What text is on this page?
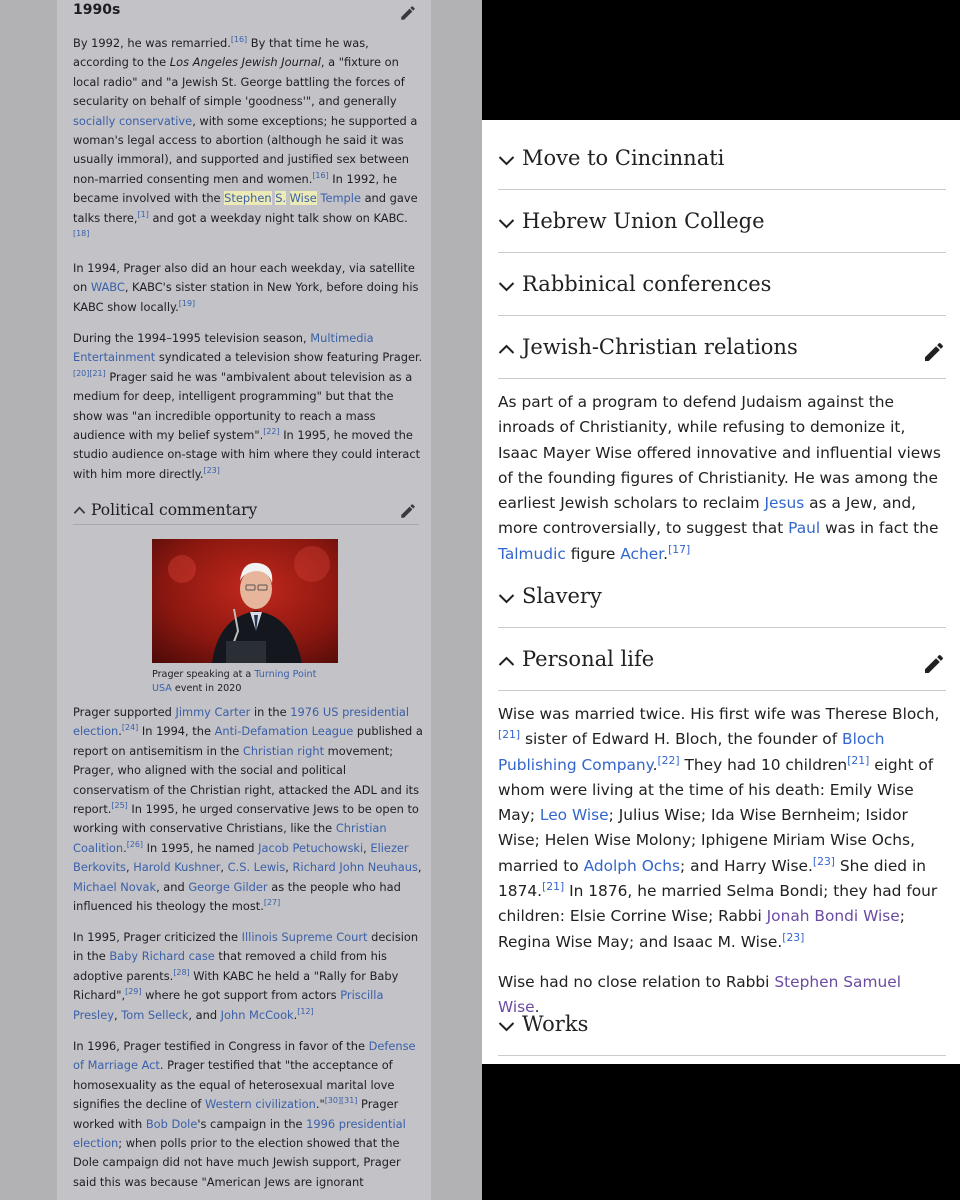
1990s
By 1992, he was remarried.[16] By that time he was, according to the Los Angeles Jewish Journal, a "fixture on local radio" and "a Jewish St. George battling the forces of secularity on behalf of simple 'goodness'", and generally socially conservative, with some exceptions; he supported a woman's legal access to abortion (although he said it was usually immoral), and supported and justified sex between non-married consenting men and women.[16] In 1992, he became involved with the Stephen S. Wise Temple and gave talks there,[1] and got a weekday night talk show on KABC.[18]
In 1994, Prager also did an hour each weekday, via satellite on WABC, KABC's sister station in New York, before doing his KABC show locally.[19]
During the 1994–1995 television season, Multimedia Entertainment syndicated a television show featuring Prager.[20][21] Prager said he was "ambivalent about television as a medium for deep, intelligent programming" but that the show was "an incredible opportunity to reach a mass audience with my belief system".[22] In 1995, he moved the studio audience on-stage with him where they could interact with him more directly.[23]
Political commentary
Prager speaking at a Turning Point USA event in 2020
Prager supported Jimmy Carter in the 1976 US presidential election.[24] In 1994, the Anti-Defamation League published a report on antisemitism in the Christian right movement; Prager, who aligned with the social and political conservatism of the Christian right, attacked the ADL and its report.[25] In 1995, he urged conservative Jews to be open to working with conservative Christians, like the Christian Coalition.[26] In 1995, he named Jacob Petuchowski, Eliezer Berkovits, Harold Kushner, C.S. Lewis, Richard John Neuhaus, Michael Novak, and George Gilder as the people who had influenced his theology the most.[27]
In 1995, Prager criticized the Illinois Supreme Court decision in the Baby Richard case that removed a child from his adoptive parents.[28] With KABC he held a "Rally for Baby Richard",[29] where he got support from actors Priscilla Presley, Tom Selleck, and John McCook.[12]
In 1996, Prager testified in Congress in favor of the Defense of Marriage Act. Prager testified that "the acceptance of homosexuality as the equal of heterosexual marital love signifies the decline of Western civilization."[30][31] Prager worked with Bob Dole's campaign in the 1996 presidential election; when polls prior to the election showed that the Dole campaign did not have much Jewish support, Prager said this was because "American Jews are ignorant
Move to Cincinnati
Hebrew Union College
Rabbinical conferences
Jewish-Christian relations
As part of a program to defend Judaism against the inroads of Christianity, while refusing to demonize it, Isaac Mayer Wise offered innovative and influential views of the founding figures of Christianity. He was among the earliest Jewish scholars to reclaim Jesus as a Jew, and, more controversially, to suggest that Paul was in fact the Talmudic figure Acher.[17]
Slavery
Personal life
Wise was married twice. His first wife was Therese Bloch,[21] sister of Edward H. Bloch, the founder of Bloch Publishing Company.[22] They had 10 children[21] eight of whom were living at the time of his death: Emily Wise May; Leo Wise; Julius Wise; Ida Wise Bernheim; Isidor Wise; Helen Wise Molony; Iphigene Miriam Wise Ochs, married to Adolph Ochs; and Harry Wise.[23] She died in 1874.[21] In 1876, he married Selma Bondi; they had four children: Elsie Corrine Wise; Rabbi Jonah Bondi Wise; Regina Wise May; and Isaac M. Wise.[23]
Wise had no close relation to Rabbi Stephen Samuel Wise.
Works
